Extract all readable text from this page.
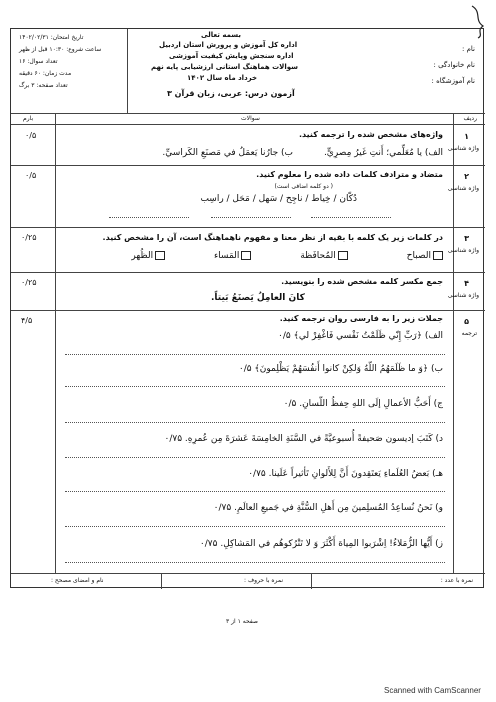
نام :
نام خانوادگی :
نام آموزشگاه :
بسمه تعالی
اداره کل آموزش و پرورش استان اردبیل
اداره سنجش وپایش کیفیت آموزشی
سوالات هماهنگ استانی ارزشیابی پایه نهم
خرداد ماه سال ۱۴۰۲
آزمون درس: عربی، زبان قرآن ۳
تاریخ امتحان: ۱۴۰۲/۰۲/۳۱
ساعت شروع: ۱۰:۳۰ قبل از ظهر
تعداد سوال: ۱۶
مدت زمان: ۶۰ دقیقه
تعداد صفحه: ۳ برگ
ردیف
سوالات
بارم
۱
واژه شناسی
۰/۵	واژه‌های مشخص شده را ترجمه کنید.
الف) يا مُعَلِّمي؛ أَنتِ غَيرُ مِصرِيٍّ.
ب) جارُنا يَعمَلُ في مَصنَعِ الكَراسيِّ.
۲
واژه شناسی
۰/۵	متضاد و مترادف کلمات داده شده را معلوم کنید.
( دو کلمه اضافی است)
دُکّان / خِياط / ناجِح / سَهل / مَحَل / راسِب
۳
واژه شناسی
۰/۲۵	در کلمات زیر یک کلمه با بقیه از نظر معنا و مفهوم ناهماهنگ است، آن را مشخص کنید.
الصباح المُحافَظة المَساء الظُهر
۴
واژه شناسی
۰/۲۵	جمع مکسر کلمه مشخص شده را بنویسید.
كانَ العامِلُ يَصنَعُ بَيتاً.
۵
ترجمه
۴/۵	جملات زیر را به فارسی روان ترجمه کنید.
الف) ﴿رَبِّ إِنّي ظَلَمْتُ نَفْسي فَاغْفِرْ لي﴾ ۰/۵
ب) ﴿وَ ما ظَلَمَهُمُ اللّهُ وَلكِنْ كانوا أَنفُسَهُمْ يَظْلِمونَ﴾ ۰/۵
ج) أَحَبُّ الأعمالِ إلَى اللهِ حِفظُ اللّسانِ. ۰/۵
د) كَتَبَ إديسون صَحيفةً أُسبوعيَّةً في السَّنَةِ الخامِسَةَ عَشرَةَ مِن عُمرِهِ. ۰/۷۵
هـ) بَعضُ العُلَماءِ يَعتَقِدونَ أَنَّ لِلأَلوانِ تَأثيراً عَلَينا. ۰/۷۵
و) نَحنُ نُساعِدُ المُسلِمينَ مِن أَهلِ السُّنَّةِ في جَميعِ العالَمِ. ۰/۷۵
ز) أَيُّها الزُّمَلاءُ! اِشْرَبوا المِياهَ أَكْثَرَ وَ لا تَتْرُكوهُم في المَشاكِلِ. ۰/۷۵
نمره با عدد :
نمره با حروف :
نام و امضای مصحح :
صفحه ۱ از ۳
Scanned with CamScanner
